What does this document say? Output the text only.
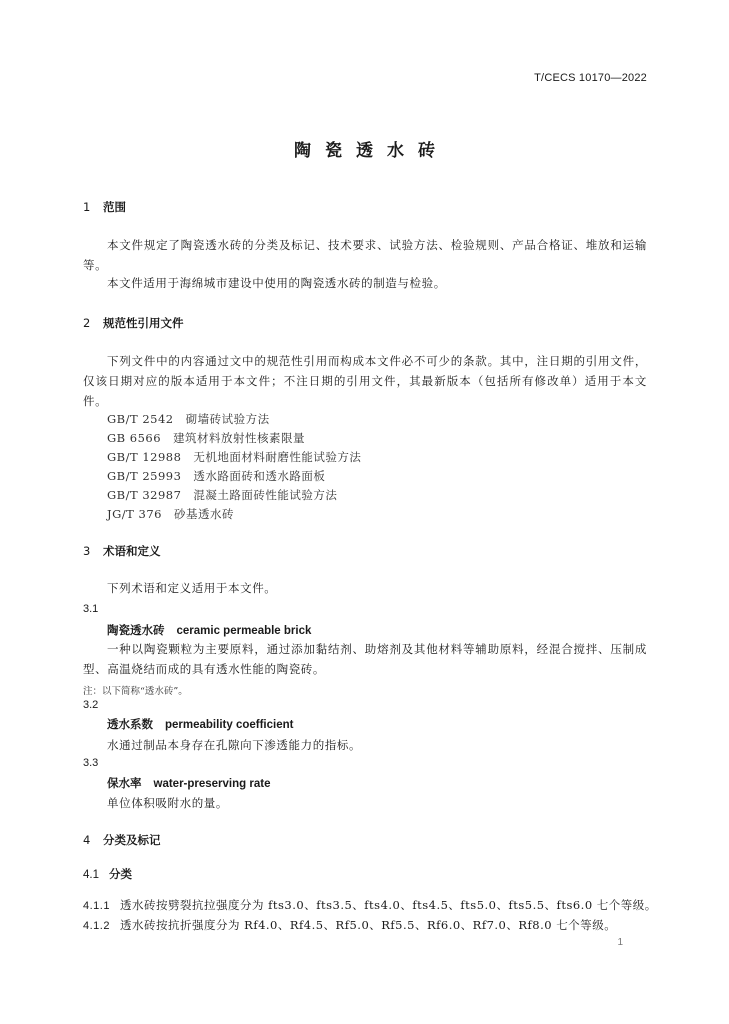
T/CECS 10170—2022
陶瓷透水砖
1 范围
本文件规定了陶瓷透水砖的分类及标记、技术要求、试验方法、检验规则、产品合格证、堆放和运输等。
本文件适用于海绵城市建设中使用的陶瓷透水砖的制造与检验。
2 规范性引用文件
下列文件中的内容通过文中的规范性引用而构成本文件必不可少的条款。其中，注日期的引用文件，仅该日期对应的版本适用于本文件；不注日期的引用文件，其最新版本（包括所有修改单）适用于本文件。
GB/T 2542 砌墙砖试验方法
GB 6566 建筑材料放射性核素限量
GB/T 12988 无机地面材料耐磨性能试验方法
GB/T 25993 透水路面砖和透水路面板
GB/T 32987 混凝土路面砖性能试验方法
JG/T 376 砂基透水砖
3 术语和定义
下列术语和定义适用于本文件。
3.1
陶瓷透水砖 ceramic permeable brick
一种以陶瓷颗粒为主要原料，通过添加黏结剂、助熔剂及其他材料等辅助原料，经混合搅拌、压制成型、高温烧结而成的具有透水性能的陶瓷砖。
注：以下简称“透水砖”。
3.2
透水系数 permeability coefficient
水通过制品本身存在孔隙向下渗透能力的指标。
3.3
保水率 water-preserving rate
单位体积吸附水的量。
4 分类及标记
4.1 分类
4.1.1 透水砖按劈裂抗拉强度分为 fts3.0、fts3.5、fts4.0、fts4.5、fts5.0、fts5.5、fts6.0 七个等级。
4.1.2 透水砖按抗折强度分为 Rf4.0、Rf4.5、Rf5.0、Rf5.5、Rf6.0、Rf7.0、Rf8.0 七个等级。
1
